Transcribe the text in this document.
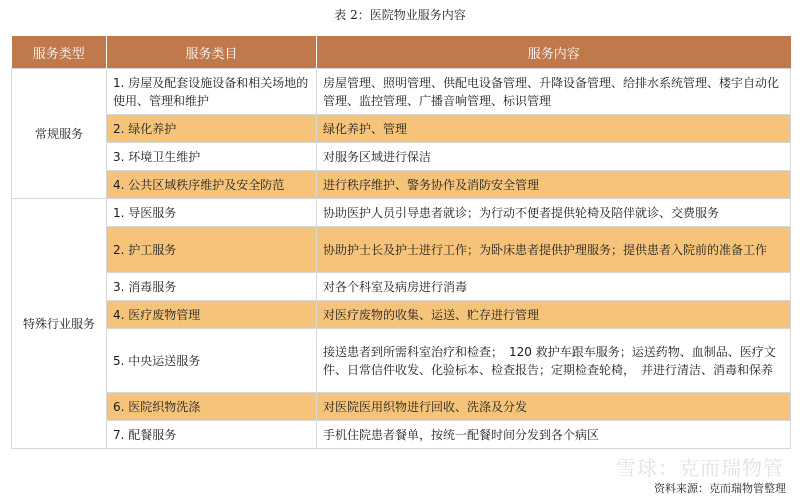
表 2：医院物业服务内容
服务类型	服务类目	服务内容
常规服务	1. 房屋及配套设施设备和相关场地的使用、管理和维护	房屋管理、照明管理、供配电设备管理、升降设备管理、给排水系统管理、楼宇自动化管理、监控管理、广播音响管理、标识管理
	2. 绿化养护	绿化养护、管理
	3. 环境卫生维护	对服务区域进行保洁
	4. 公共区域秩序维护及安全防范	进行秩序维护、警务协作及消防安全管理
特殊行业服务	1. 导医服务	协助医护人员引导患者就诊；为行动不便者提供轮椅及陪伴就诊、交费服务
	2. 护工服务	协助护士长及护士进行工作；为卧床患者提供护理服务；提供患者入院前的准备工作
	3. 消毒服务	对各个科室及病房进行消毒
	4. 医疗废物管理	对医疗废物的收集、运送、贮存进行管理
	5. 中央运送服务	接送患者到所需科室治疗和检查；　120 救护车跟车服务；运送药物、血制品、医疗文件、日常信件收发、化验标本、检查报告；定期检查轮椅，　并进行清洁、消毒和保养
	6. 医院织物洗涤	对医院医用织物进行回收、洗涤及分发
	7. 配餐服务	手机住院患者餐单，按统一配餐时间分发到各个病区
雪球：克而瑞物管
资料来源：克而瑞物管整理
